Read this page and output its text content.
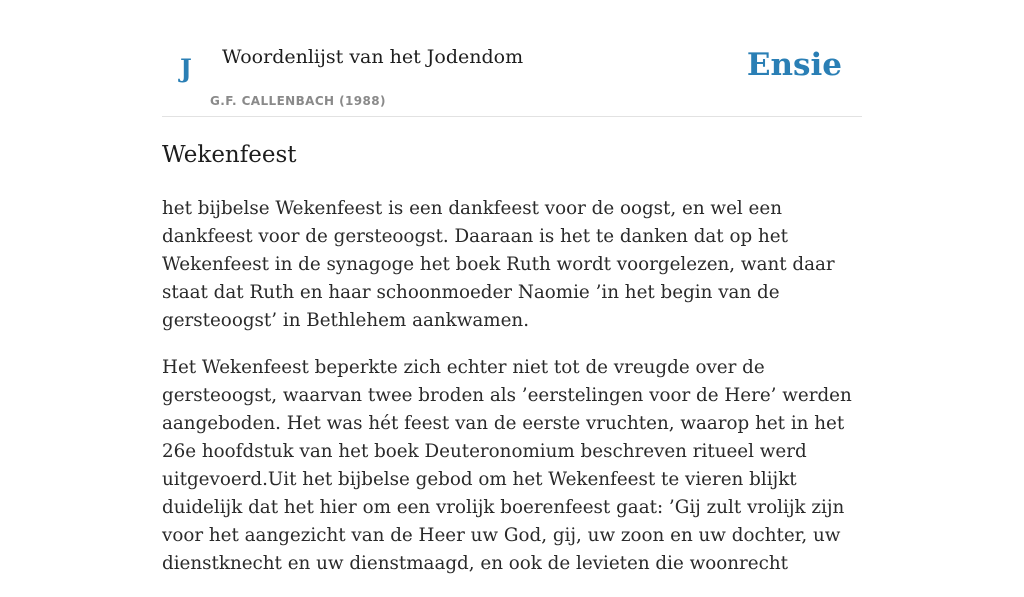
J Woordenlijst van het Jodendom
G.F. CALLENBACH (1988)
Ensie
Wekenfeest

het bijbelse Wekenfeest is een dankfeest voor de oogst, en wel een dankfeest voor de gersteoogst. Daaraan is het te danken dat op het Wekenfeest in de synagoge het boek Ruth wordt voorgelezen, want daar staat dat Ruth en haar schoonmoeder Naomie ’in het begin van de gersteoogst’ in Bethlehem aankwamen.

Het Wekenfeest beperkte zich echter niet tot de vreugde over de gersteoogst, waarvan twee broden als ’eerstelingen voor de Here’ werden aangeboden. Het was hét feest van de eerste vruchten, waarop het in het 26e hoofdstuk van het boek Deuteronomium beschreven ritueel werd uitgevoerd.Uit het bijbelse gebod om het Wekenfeest te vieren blijkt duidelijk dat het hier om een vrolijk boerenfeest gaat: ’Gij zult vrolijk zijn voor het aangezicht van de Heer uw God, gij, uw zoon en uw dochter, uw dienstknecht en uw dienstmaagd, en ook de levieten die woonrecht
